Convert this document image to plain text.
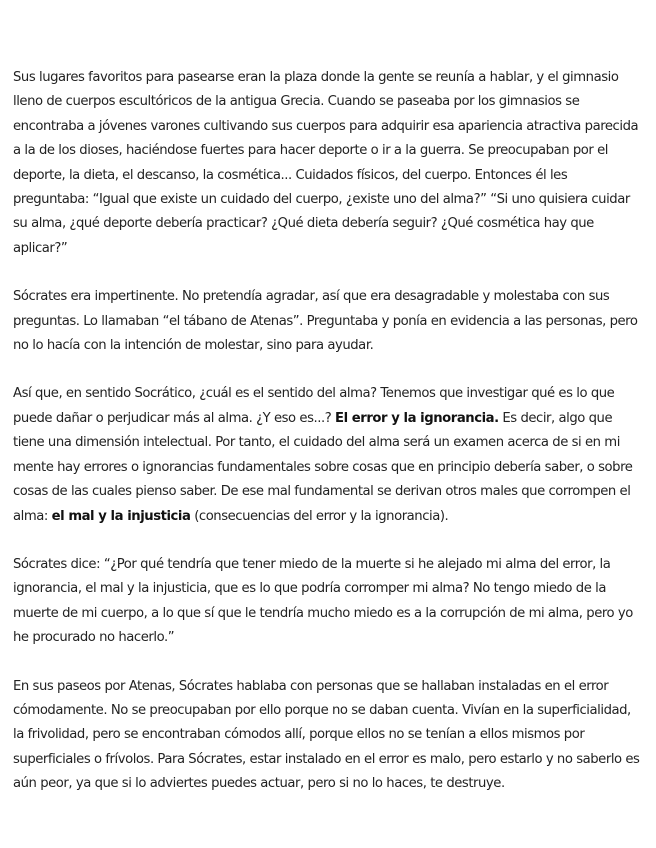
Sus lugares favoritos para pasearse eran la plaza donde la gente se reunía a hablar, y el gimnasio lleno de cuerpos escultóricos de la antigua Grecia. Cuando se paseaba por los gimnasios se encontraba a jóvenes varones cultivando sus cuerpos para adquirir esa apariencia atractiva parecida a la de los dioses, haciéndose fuertes para hacer deporte o ir a la guerra. Se preocupaban por el deporte, la dieta, el descanso, la cosmética... Cuidados físicos, del cuerpo. Entonces él les preguntaba: “Igual que existe un cuidado del cuerpo, ¿existe uno del alma?” “Si uno quisiera cuidar su alma, ¿qué deporte debería practicar? ¿Qué dieta debería seguir? ¿Qué cosmética hay que aplicar?”

Sócrates era impertinente. No pretendía agradar, así que era desagradable y molestaba con sus preguntas. Lo llamaban “el tábano de Atenas”. Preguntaba y ponía en evidencia a las personas, pero no lo hacía con la intención de molestar, sino para ayudar.

Así que, en sentido Socrático, ¿cuál es el sentido del alma? Tenemos que investigar qué es lo que puede dañar o perjudicar más al alma. ¿Y eso es...? El error y la ignorancia. Es decir, algo que tiene una dimensión intelectual. Por tanto, el cuidado del alma será un examen acerca de si en mi mente hay errores o ignorancias fundamentales sobre cosas que en principio debería saber, o sobre cosas de las cuales pienso saber. De ese mal fundamental se derivan otros males que corrompen el alma: el mal y la injusticia (consecuencias del error y la ignorancia).

Sócrates dice: “¿Por qué tendría que tener miedo de la muerte si he alejado mi alma del error, la ignorancia, el mal y la injusticia, que es lo que podría corromper mi alma? No tengo miedo de la muerte de mi cuerpo, a lo que sí que le tendría mucho miedo es a la corrupción de mi alma, pero yo he procurado no hacerlo.”

En sus paseos por Atenas, Sócrates hablaba con personas que se hallaban instaladas en el error cómodamente. No se preocupaban por ello porque no se daban cuenta. Vivían en la superficialidad, la frivolidad, pero se encontraban cómodos allí, porque ellos no se tenían a ellos mismos por superficiales o frívolos. Para Sócrates, estar instalado en el error es malo, pero estarlo y no saberlo es aún peor, ya que si lo adviertes puedes actuar, pero si no lo haces, te destruye.
